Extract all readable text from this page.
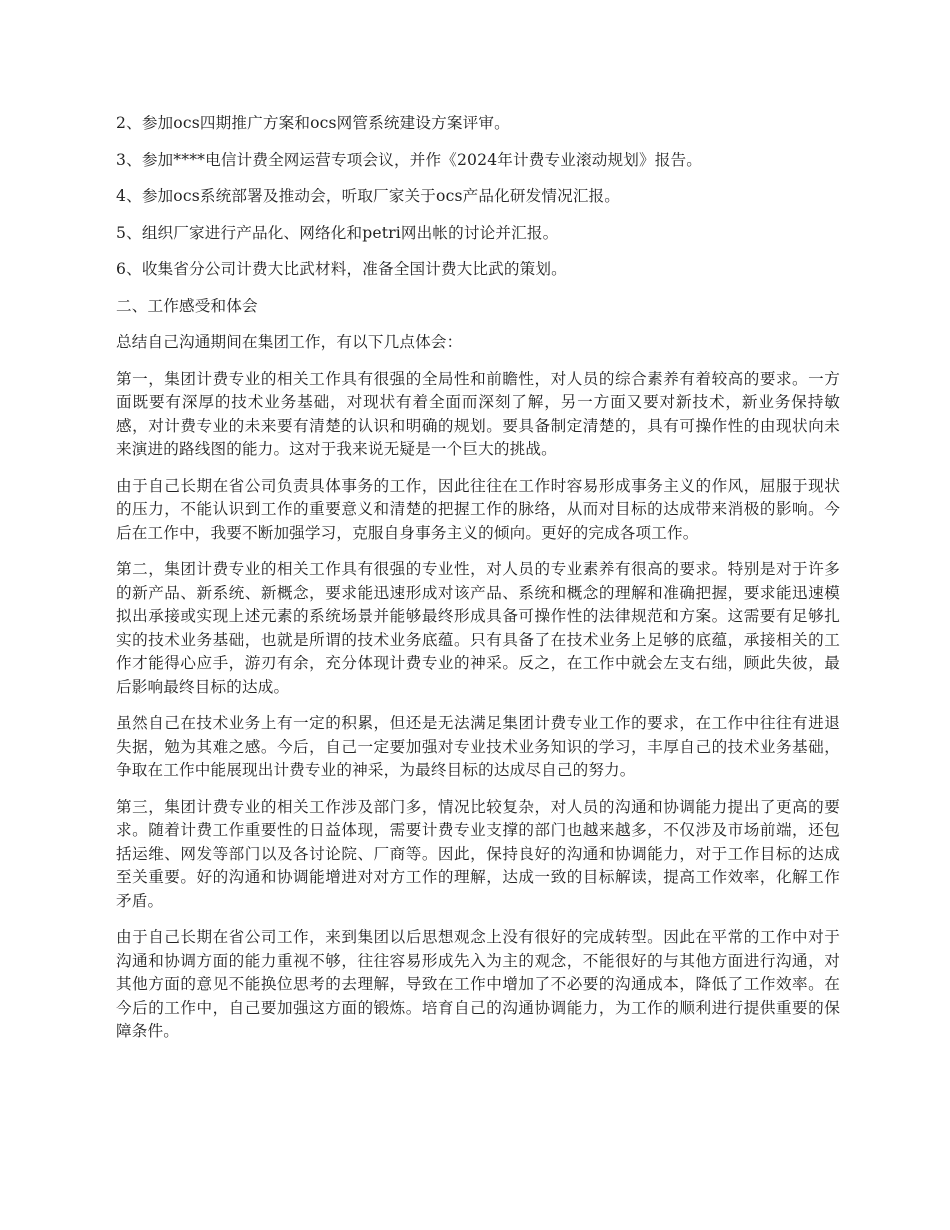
2、参加ocs四期推广方案和ocs网管系统建设方案评审。

3、参加****电信计费全网运营专项会议，并作《2024年计费专业滚动规划》报告。

4、参加ocs系统部署及推动会，听取厂家关于ocs产品化研发情况汇报。

5、组织厂家进行产品化、网络化和petri网出帐的讨论并汇报。

6、收集省分公司计费大比武材料，准备全国计费大比武的策划。

二、工作感受和体会

总结自己沟通期间在集团工作，有以下几点体会：

第一，集团计费专业的相关工作具有很强的全局性和前瞻性，对人员的综合素养有着较高的要求。一方面既要有深厚的技术业务基础，对现状有着全面而深刻了解，另一方面又要对新技术，新业务保持敏感，对计费专业的未来要有清楚的认识和明确的规划。要具备制定清楚的，具有可操作性的由现状向未来演进的路线图的能力。这对于我来说无疑是一个巨大的挑战。

由于自己长期在省公司负责具体事务的工作，因此往往在工作时容易形成事务主义的作风，屈服于现状的压力，不能认识到工作的重要意义和清楚的把握工作的脉络，从而对目标的达成带来消极的影响。今后在工作中，我要不断加强学习，克服自身事务主义的倾向。更好的完成各项工作。

第二，集团计费专业的相关工作具有很强的专业性，对人员的专业素养有很高的要求。特别是对于许多的新产品、新系统、新概念，要求能迅速形成对该产品、系统和概念的理解和准确把握，要求能迅速模拟出承接或实现上述元素的系统场景并能够最终形成具备可操作性的法律规范和方案。这需要有足够扎实的技术业务基础，也就是所谓的技术业务底蕴。只有具备了在技术业务上足够的底蕴，承接相关的工作才能得心应手，游刃有余，充分体现计费专业的神采。反之，在工作中就会左支右绌，顾此失彼，最后影响最终目标的达成。

虽然自己在技术业务上有一定的积累，但还是无法满足集团计费专业工作的要求，在工作中往往有进退失据，勉为其难之感。今后，自己一定要加强对专业技术业务知识的学习，丰厚自己的技术业务基础，争取在工作中能展现出计费专业的神采，为最终目标的达成尽自己的努力。

第三，集团计费专业的相关工作涉及部门多，情况比较复杂，对人员的沟通和协调能力提出了更高的要求。随着计费工作重要性的日益体现，需要计费专业支撑的部门也越来越多，不仅涉及市场前端，还包括运维、网发等部门以及各讨论院、厂商等。因此，保持良好的沟通和协调能力，对于工作目标的达成至关重要。好的沟通和协调能增进对对方工作的理解，达成一致的目标解读，提高工作效率，化解工作矛盾。

由于自己长期在省公司工作，来到集团以后思想观念上没有很好的完成转型。因此在平常的工作中对于沟通和协调方面的能力重视不够，往往容易形成先入为主的观念，不能很好的与其他方面进行沟通，对其他方面的意见不能换位思考的去理解，导致在工作中增加了不必要的沟通成本，降低了工作效率。在今后的工作中，自己要加强这方面的锻炼。培育自己的沟通协调能力，为工作的顺利进行提供重要的保障条件。
